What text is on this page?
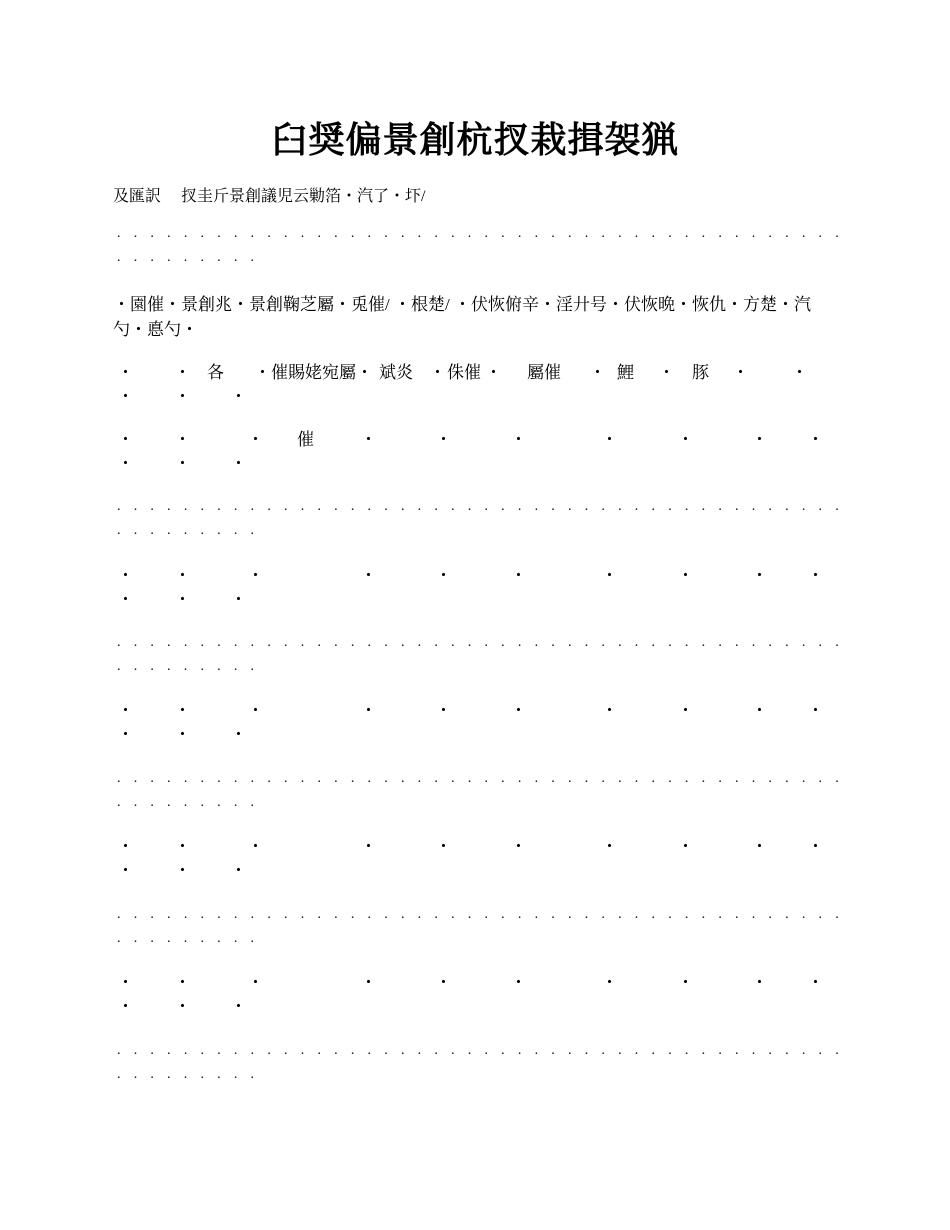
臼奨偏景創杭扠栽揖袈猟
及匯訳　 扠圭斤景創議児云勦箔・汽了・圷/
・園催・景創兆・景創鞠芝屬・兎催/ ・根楚/ ・伏恢俯辛・淫廾号・伏恢晩・恢仇・方楚・汽勺・悳勺・
. . . . . . . . . . . . . . . . . . . . . . . . . . . . . . . . . . . . . . . . . . . .
. . . . . . . . .
・ ・ 各 ・催賜姥宛屬・ 斌炎 ・ 侏催 ・ 屬催 ・ 鯉 ・ 豚 ・ ・
・ ・ ・
・ ・	・ 催	・	・	・	・	・	・ ・
・ ・ ・
. . . . . . . . . . . . . . . . . . . . . . . . . . . . . . . . . . . . . . . . . . . .
. . . . . . . . .
・ ・	・	・	・	・	・	・	・ ・
・ ・ ・
. . . . . . . . . . . . . . . . . . . . . . . . . . . . . . . . . . . . . . . . . . . .
. . . . . . . . .
・ ・	・	・	・	・	・	・	・ ・
・ ・ ・
. . . . . . . . . . . . . . . . . . . . . . . . . . . . . . . . . . . . . . . . . . . .
. . . . . . . . .
・ ・	・	・	・	・	・	・	・ ・
・ ・ ・
. . . . . . . . . . . . . . . . . . . . . . . . . . . . . . . . . . . . . . . . . . . .
. . . . . . . . .
・ ・	・	・	・	・	・	・	・ ・
・ ・ ・
. . . . . . . . . . . . . . . . . . . . . . . . . . . . . . . . . . . . . . . . . . . .
. . . . . . . . .
